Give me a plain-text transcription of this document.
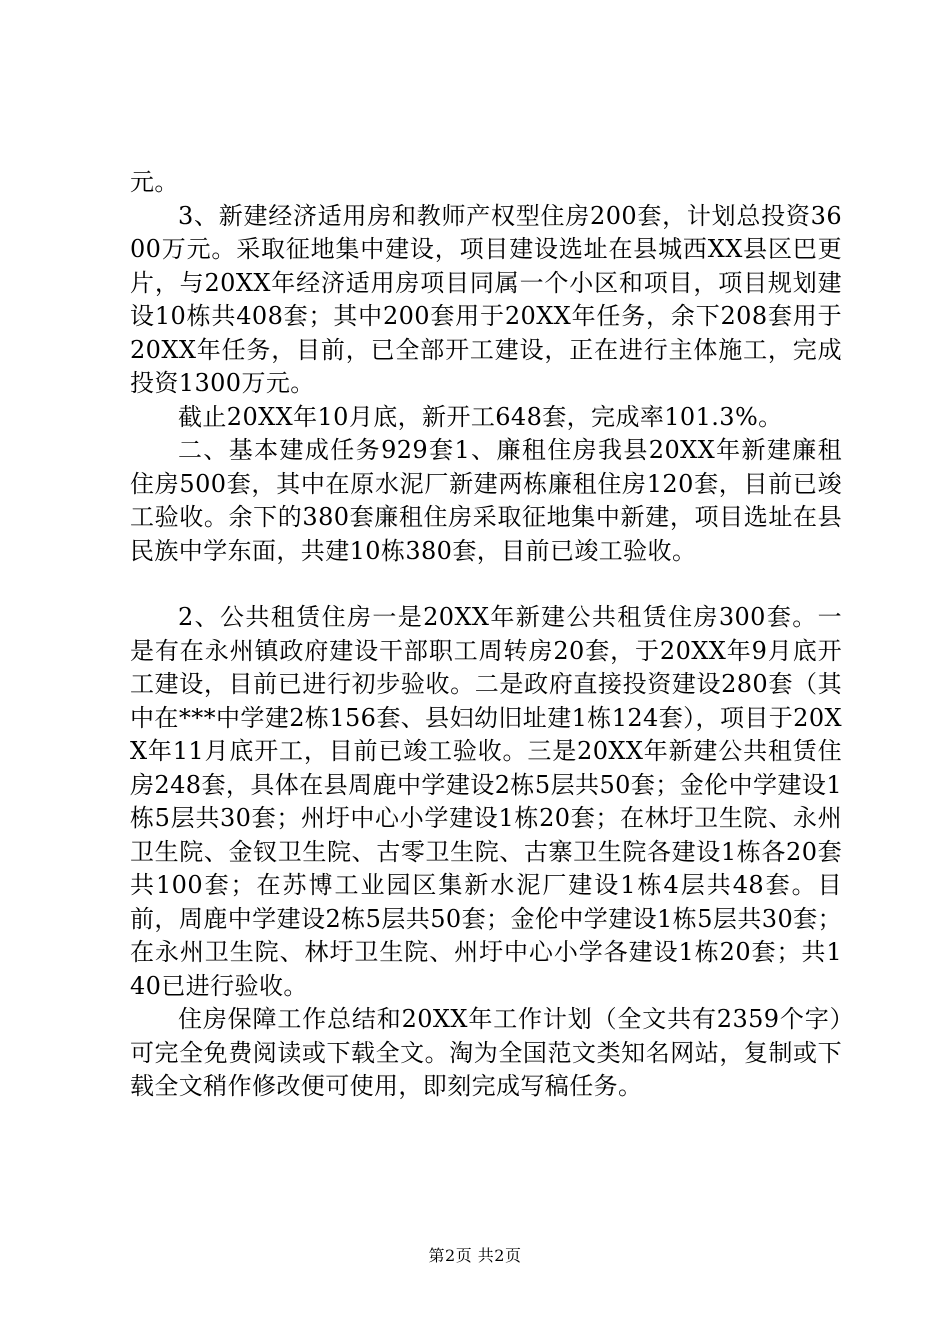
元。

3、新建经济适用房和教师产权型住房200套，计划总投资3600万元。采取征地集中建设，项目建设选址在县城西XX县区巴更片，与20XX年经济适用房项目同属一个小区和项目，项目规划建设10栋共408套；其中200套用于20XX年任务，余下208套用于20XX年任务，目前，已全部开工建设，正在进行主体施工，完成投资1300万元。

截止20XX年10月底，新开工648套，完成率101.3%。

二、基本建成任务929套1、廉租住房我县20XX年新建廉租住房500套，其中在原水泥厂新建两栋廉租住房120套，目前已竣工验收。余下的380套廉租住房采取征地集中新建，项目选址在县民族中学东面，共建10栋380套，目前已竣工验收。

2、公共租赁住房一是20XX年新建公共租赁住房300套。一是有在永州镇政府建设干部职工周转房20套，于20XX年9月底开工建设，目前已进行初步验收。二是政府直接投资建设280套（其中在***中学建2栋156套、县妇幼旧址建1栋124套），项目于20XX年11月底开工，目前已竣工验收。三是20XX年新建公共租赁住房248套，具体在县周鹿中学建设2栋5层共50套；金伦中学建设1栋5层共30套；州圩中心小学建设1栋20套；在林圩卫生院、永州卫生院、金钗卫生院、古零卫生院、古寨卫生院各建设1栋各20套共100套；在苏博工业园区集新水泥厂建设1栋4层共48套。目前，周鹿中学建设2栋5层共50套；金伦中学建设1栋5层共30套；在永州卫生院、林圩卫生院、州圩中心小学各建设1栋20套；共140已进行验收。

住房保障工作总结和20XX年工作计划（全文共有2359个字）可完全免费阅读或下载全文。淘为全国范文类知名网站，复制或下载全文稍作修改便可使用，即刻完成写稿任务。

第2页 共2页
